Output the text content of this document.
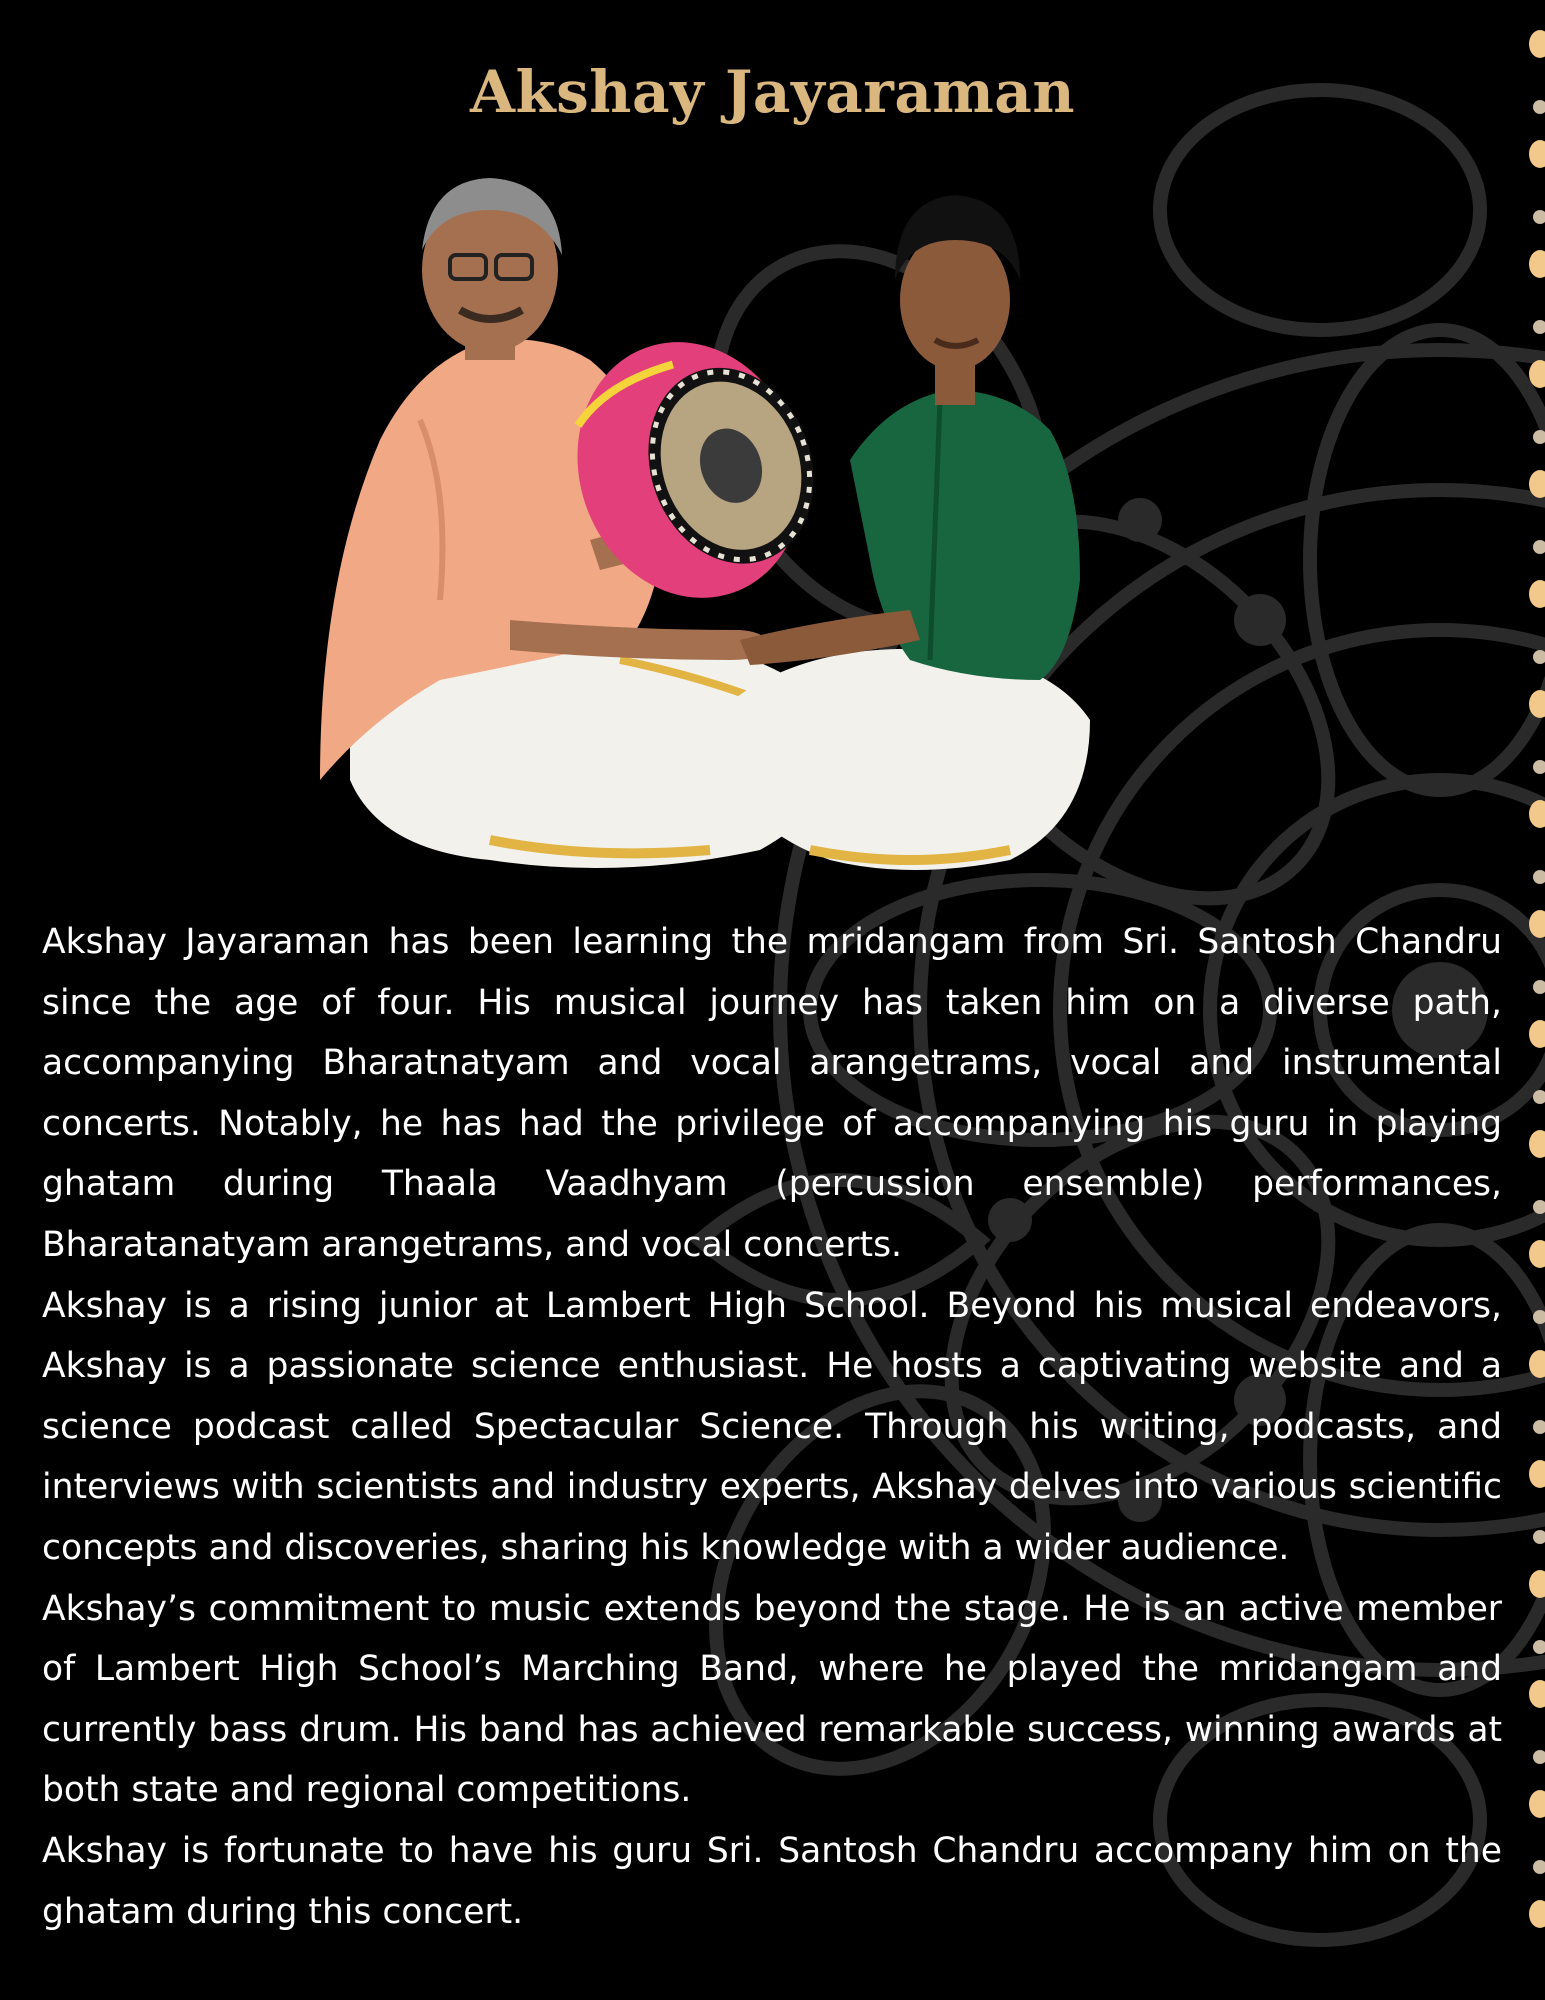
Akshay Jayaraman

Akshay Jayaraman has been learning the mridangam from Sri. Santosh Chandru since the age of four. His musical journey has taken him on a diverse path, accompanying Bharatnatyam and vocal arangetrams, vocal and instrumental concerts. Notably, he has had the privilege of accompanying his guru in playing ghatam during Thaala Vaadhyam (percussion ensemble) performances, Bharatanatyam arangetrams, and vocal concerts.

Akshay is a rising junior at Lambert High School. Beyond his musical endeavors, Akshay is a passionate science enthusiast. He hosts a captivating website and a science podcast called Spectacular Science. Through his writing, podcasts, and interviews with scientists and industry experts, Akshay delves into various scientific concepts and discoveries, sharing his knowledge with a wider audience.

Akshay’s commitment to music extends beyond the stage. He is an active member of Lambert High School’s Marching Band, where he played the mridangam and currently bass drum. His band has achieved remarkable success, winning awards at both state and regional competitions.

Akshay is fortunate to have his guru Sri. Santosh Chandru accompany him on the ghatam during this concert.
